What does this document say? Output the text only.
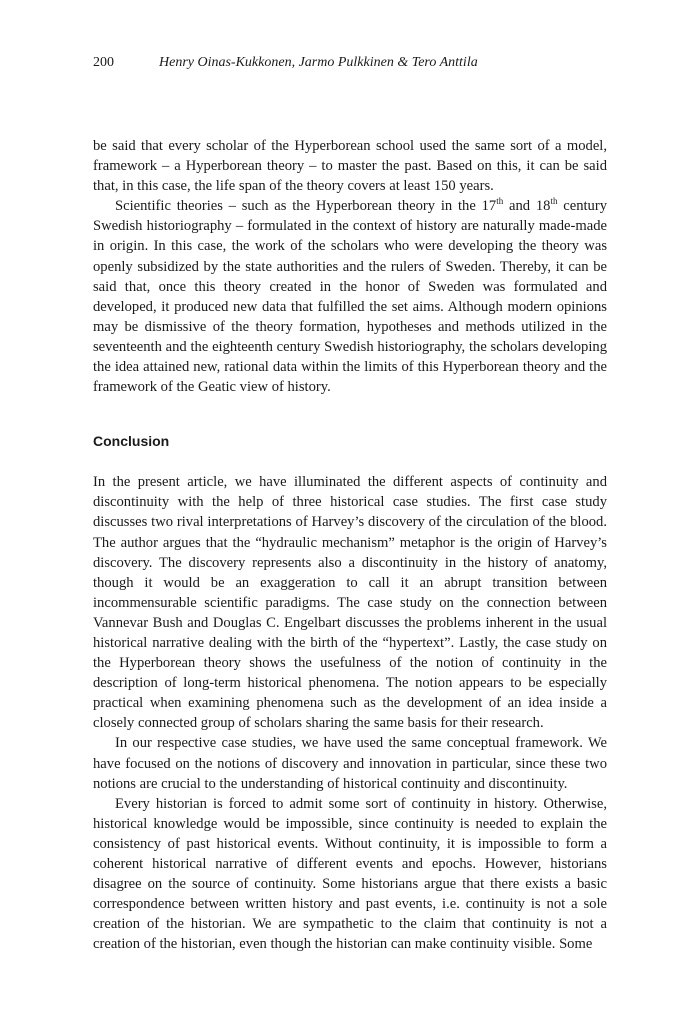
200	Henry Oinas-Kukkonen, Jarmo Pulkkinen & Tero Anttila

be said that every scholar of the Hyperborean school used the same sort of a model, framework – a Hyperborean theory – to master the past. Based on this, it can be said that, in this case, the life span of the theory covers at least 150 years.

Scientific theories – such as the Hyperborean theory in the 17th and 18th century Swedish historiography – formulated in the context of history are naturally made-made in origin. In this case, the work of the scholars who were developing the theory was openly subsidized by the state authorities and the rulers of Sweden. Thereby, it can be said that, once this theory created in the honor of Sweden was formulated and developed, it produced new data that fulfilled the set aims. Although modern opinions may be dismissive of the theory formation, hypotheses and methods utilized in the seventeenth and the eighteenth century Swedish historiography, the scholars developing the idea attained new, rational data within the limits of this Hyperborean theory and the framework of the Geatic view of history.

Conclusion

In the present article, we have illuminated the different aspects of continuity and discontinuity with the help of three historical case studies. The first case study discusses two rival interpretations of Harvey’s discovery of the circulation of the blood. The author argues that the “hydraulic mechanism” metaphor is the origin of Harvey’s discovery. The discovery represents also a discontinuity in the history of anatomy, though it would be an exaggeration to call it an abrupt transition between incommensurable scientific paradigms. The case study on the connection between Vannevar Bush and Douglas C. Engelbart discusses the problems inherent in the usual historical narrative dealing with the birth of the “hypertext”. Lastly, the case study on the Hyperborean theory shows the usefulness of the notion of continuity in the description of long-term historical phenomena. The notion appears to be especially practical when examining phenomena such as the development of an idea inside a closely connected group of scholars sharing the same basis for their research.

In our respective case studies, we have used the same conceptual framework. We have focused on the notions of discovery and innovation in particular, since these two notions are crucial to the understanding of historical continuity and discontinuity.

Every historian is forced to admit some sort of continuity in history. Otherwise, historical knowledge would be impossible, since continuity is needed to explain the consistency of past historical events. Without continuity, it is impossible to form a coherent historical narrative of different events and epochs. However, historians disagree on the source of continuity. Some historians argue that there exists a basic correspondence between written history and past events, i.e. continuity is not a sole creation of the historian. We are sympathetic to the claim that continuity is not a creation of the historian, even though the historian can make continuity visible. Some
